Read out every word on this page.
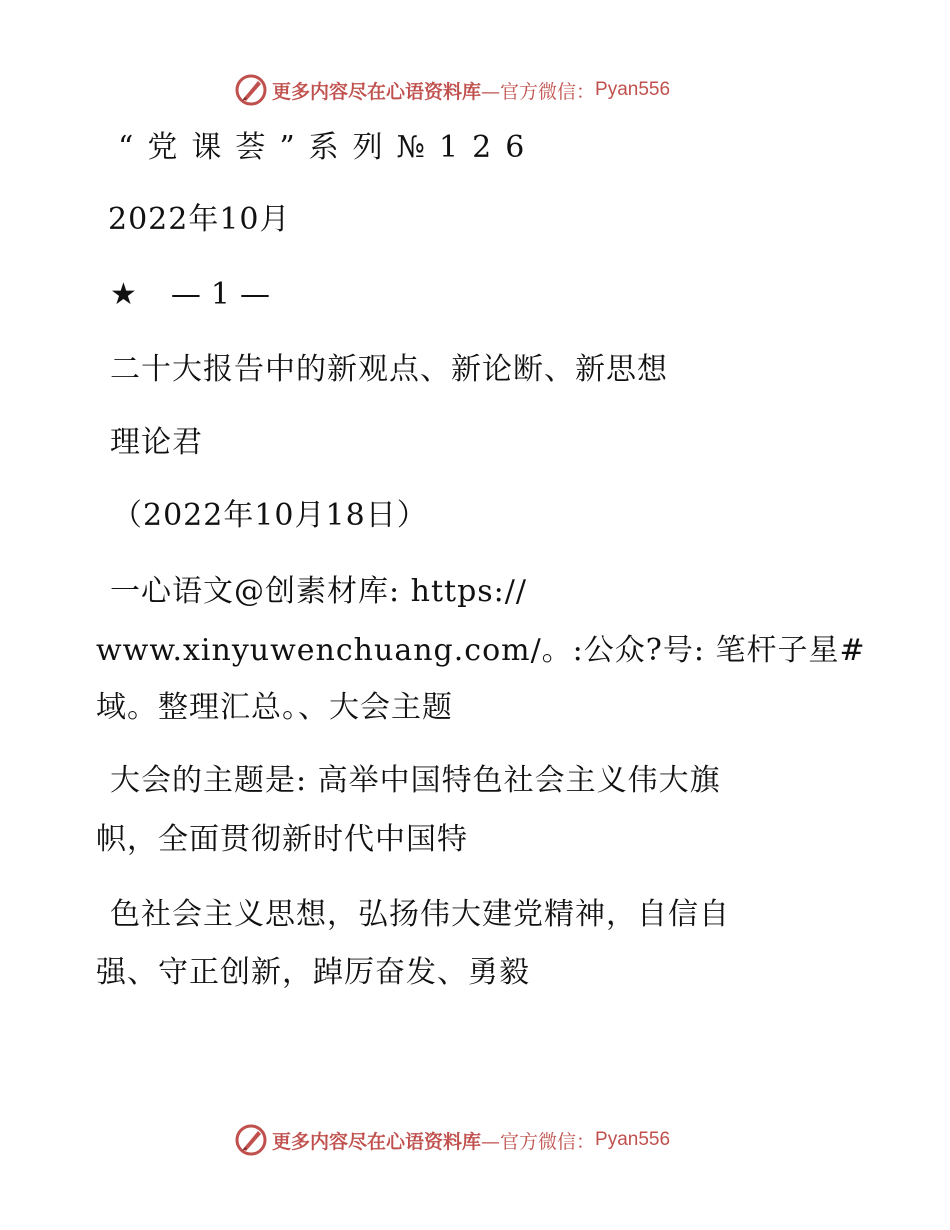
更多内容尽在心语资料库 —官方微信： Pyan556
“党课荟”系列№126
2022年10月
★ —1—
二十大报告中的新观点、新论断、新思想
理论君
（2022年10月18日）
一心语文@创素材库: https://
www.xinyuwenchuang.com/。:公众?号: 笔杆子星#
域。整理汇总。、大会主题
大会的主题是: 高举中国特色社会主义伟大旗
帜，全面贯彻新时代中国特
色社会主义思想，弘扬伟大建党精神，自信自
强、守正创新，踔厉奋发、勇毅
更多内容尽在心语资料库 —官方微信： Pyan556
